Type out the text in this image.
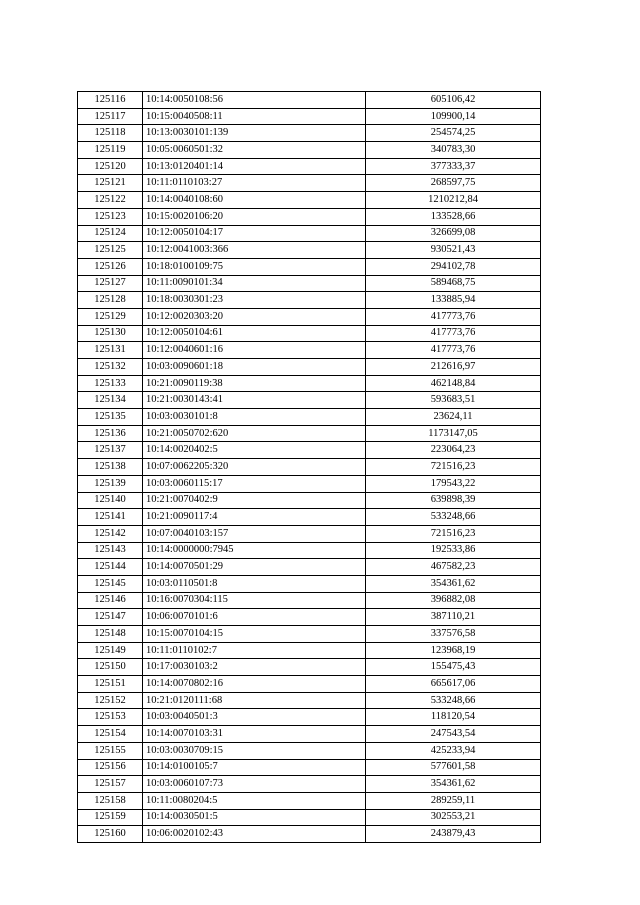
125116	10:14:0050108:56	605106,42
125117	10:15:0040508:11	109900,14
125118	10:13:0030101:139	254574,25
125119	10:05:0060501:32	340783,30
125120	10:13:0120401:14	377333,37
125121	10:11:0110103:27	268597,75
125122	10:14:0040108:60	1210212,84
125123	10:15:0020106:20	133528,66
125124	10:12:0050104:17	326699,08
125125	10:12:0041003:366	930521,43
125126	10:18:0100109:75	294102,78
125127	10:11:0090101:34	589468,75
125128	10:18:0030301:23	133885,94
125129	10:12:0020303:20	417773,76
125130	10:12:0050104:61	417773,76
125131	10:12:0040601:16	417773,76
125132	10:03:0090601:18	212616,97
125133	10:21:0090119:38	462148,84
125134	10:21:0030143:41	593683,51
125135	10:03:0030101:8	23624,11
125136	10:21:0050702:620	1173147,05
125137	10:14:0020402:5	223064,23
125138	10:07:0062205:320	721516,23
125139	10:03:0060115:17	179543,22
125140	10:21:0070402:9	639898,39
125141	10:21:0090117:4	533248,66
125142	10:07:0040103:157	721516,23
125143	10:14:0000000:7945	192533,86
125144	10:14:0070501:29	467582,23
125145	10:03:0110501:8	354361,62
125146	10:16:0070304:115	396882,08
125147	10:06:0070101:6	387110,21
125148	10:15:0070104:15	337576,58
125149	10:11:0110102:7	123968,19
125150	10:17:0030103:2	155475,43
125151	10:14:0070802:16	665617,06
125152	10:21:0120111:68	533248,66
125153	10:03:0040501:3	118120,54
125154	10:14:0070103:31	247543,54
125155	10:03:0030709:15	425233,94
125156	10:14:0100105:7	577601,58
125157	10:03:0060107:73	354361,62
125158	10:11:0080204:5	289259,11
125159	10:14:0030501:5	302553,21
125160	10:06:0020102:43	243879,43
